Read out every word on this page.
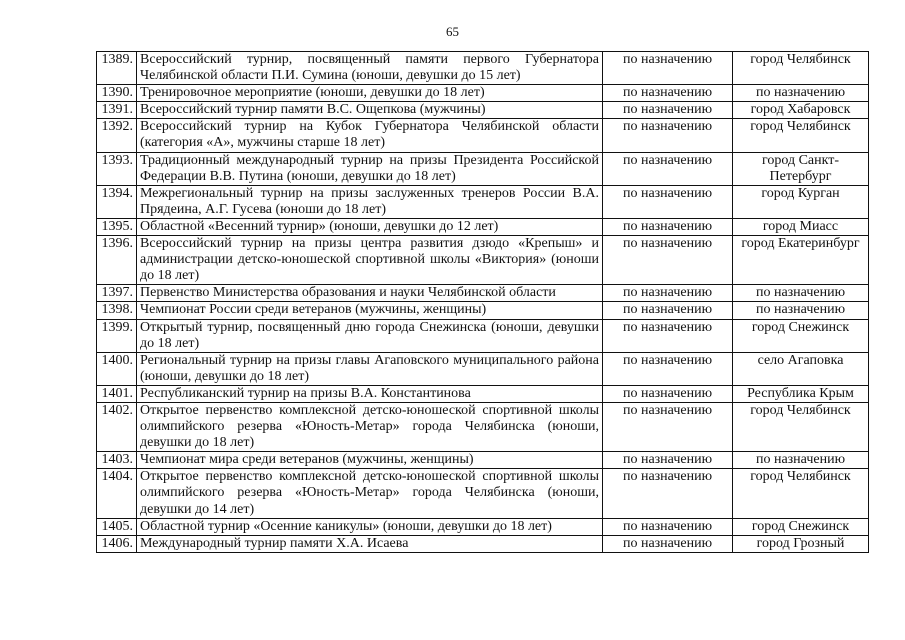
65
1389.	Всероссийский турнир, посвященный памяти первого Губернатора Челябинской области П.И. Сумина (юноши, девушки до 15 лет)	по назначению	город Челябинск
1390.	Тренировочное мероприятие (юноши, девушки до 18 лет)	по назначению	по назначению
1391.	Всероссийский турнир памяти В.С. Ощепкова (мужчины)	по назначению	город Хабаровск
1392.	Всероссийский турнир на Кубок Губернатора Челябинской области (категория «А», мужчины старше 18 лет)	по назначению	город Челябинск
1393.	Традиционный международный турнир на призы Президента Российской Федерации В.В. Путина (юноши, девушки до 18 лет)	по назначению	город Санкт-Петербург
1394.	Межрегиональный турнир на призы заслуженных тренеров России В.А. Прядеина, А.Г. Гусева (юноши до 18 лет)	по назначению	город Курган
1395.	Областной «Весенний турнир» (юноши, девушки до 12 лет)	по назначению	город Миасс
1396.	Всероссийский турнир на призы центра развития дзюдо «Крепыш» и администрации детско-юношеской спортивной школы «Виктория» (юноши до 18 лет)	по назначению	город Екатеринбург
1397.	Первенство Министерства образования и науки Челябинской области	по назначению	по назначению
1398.	Чемпионат России среди ветеранов (мужчины, женщины)	по назначению	по назначению
1399.	Открытый турнир, посвященный дню города Снежинска (юноши, девушки до 18 лет)	по назначению	город Снежинск
1400.	Региональный турнир на призы главы Агаповского муниципального района (юноши, девушки до 18 лет)	по назначению	село Агаповка
1401.	Республиканский турнир на призы В.А. Константинова	по назначению	Республика Крым
1402.	Открытое первенство комплексной детско-юношеской спортивной школы олимпийского резерва «Юность-Метар» города Челябинска (юноши, девушки до 18 лет)	по назначению	город Челябинск
1403.	Чемпионат мира среди ветеранов (мужчины, женщины)	по назначению	по назначению
1404.	Открытое первенство комплексной детско-юношеской спортивной школы олимпийского резерва «Юность-Метар» города Челябинска (юноши, девушки до 14 лет)	по назначению	город Челябинск
1405.	Областной турнир «Осенние каникулы» (юноши, девушки до 18 лет)	по назначению	город Снежинск
1406.	Международный турнир памяти Х.А. Исаева	по назначению	город Грозный
